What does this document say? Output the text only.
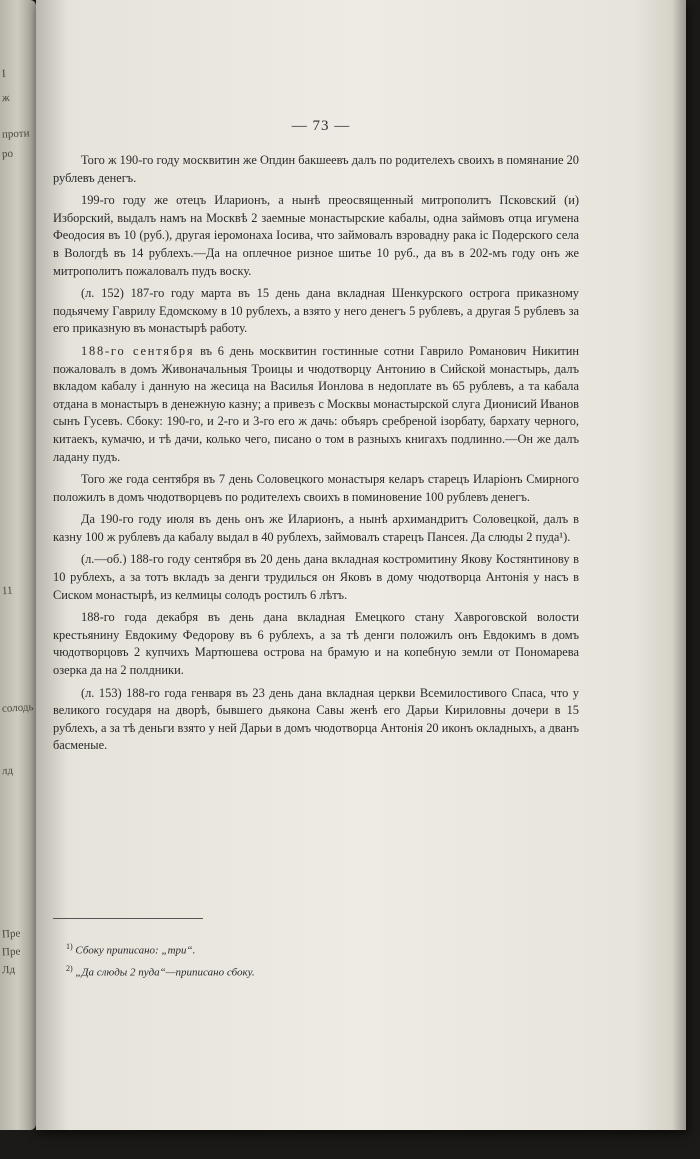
I
ж
проти
ро
11
солодь
лд
Пре
Пре
Лд
— 73 —

Того ж 190-го году москвитин же Опдин бакшеевъ далъ по родителехъ своихъ в помянание 20 рублевъ денегъ.

199-го году же отецъ Иларионъ, а нынѣ преосвященный митрополитъ Псковский (и) Изборский, выдалъ намъ на Москвѣ 2 заемные монастырские кабалы, одна займовъ отца игумена Феодосия въ 10 (руб.), другая iеромонаха Iосива, что займовалъ взровадну рака iс Подерского села в Вологдѣ въ 14 рублехъ.—Да на оплечное ризное шитье 10 руб., да въ в 202-мъ году онъ же митрополитъ пожаловалъ пудъ воску.

(л. 152) 187-го году марта въ 15 день дана вкладная Шенкурского острога приказному подьячему Гаврилу Едомскому в 10 рублехъ, а взято у него денегъ 5 рублевъ, а другая 5 рублевъ за его приказную въ монастырѣ работу.

188-го сентября въ 6 день москвитин гостинные сотни Гаврило Романович Никитин пожаловалъ в домъ Живоначальныя Троицы и чюдотворцу Антонию в Сийской монастырь, далъ вкладом кабалу i данную на жесица на Василья Ионлова в недоплате въ 65 рублевъ, а та кабала отдана в монастыръ в денежную казну; а привезъ с Москвы монастырской слуга Дионисий Иванов сынъ Гусевъ. Сбоку: 190-го, и 2-го и 3-го его ж дачь: объяръ сребреной iзорбату, бархату черного, китаекъ, кумачю, и тѣ дачи, колько чего, писано о том в разныхъ книгахъ подлинно.—Он же далъ ладану пудъ.

Того же года сентября въ 7 день Соловецкого монастыря келаръ старецъ Иларiонъ Смирного положилъ в домъ чюдотворцевъ по родителехъ своихъ в поминовение 100 рублевъ денегъ.

Да 190-го году июля въ день онъ же Иларионъ, а нынѣ архимандритъ Соловецкой, далъ в казну 100 ж рублевъ да кабалу выдал в 40 рублехъ, займовалъ старецъ Пансея. Да слюды 2 пуда¹).

(л.—об.) 188-го году сентября въ 20 день дана вкладная костромитину Якову Костянтинову в 10 рублехъ, а за тотъ вкладъ за денги трудилься он Яковъ в дому чюдотворца Антонiя у насъ в Сиском монастырѣ, из келмицы солодъ ростилъ 6 лѣтъ.

188-го года декабря въ день дана вкладная Емецкого стану Хавроговской волости крестьянину Евдокиму Федорову въ 6 рублехъ, а за тѣ денги положилъ онъ Евдокимъ в домъ чюдотворцовъ 2 купчихъ Мартюшева острова на брамую и на копебную земли от Пономарева озерка да на 2 полдники.

(л. 153) 188-го года генваря въ 23 день дана вкладная церкви Всемилостивого Спаса, что у великого государя на дворѣ, бывшего дьякона Савы женѣ его Дарьи Кириловны дочери в 15 рублехъ, а за тѣ деньги взято у ней Дарьи в домъ чюдотворца Антонiя 20 иконъ окладныхъ, а дванъ басменые.

$^{1)}$ Сбоку приписано: „три“.
$^{2)}$ „Да слюды 2 пуда“—приписано сбоку.
